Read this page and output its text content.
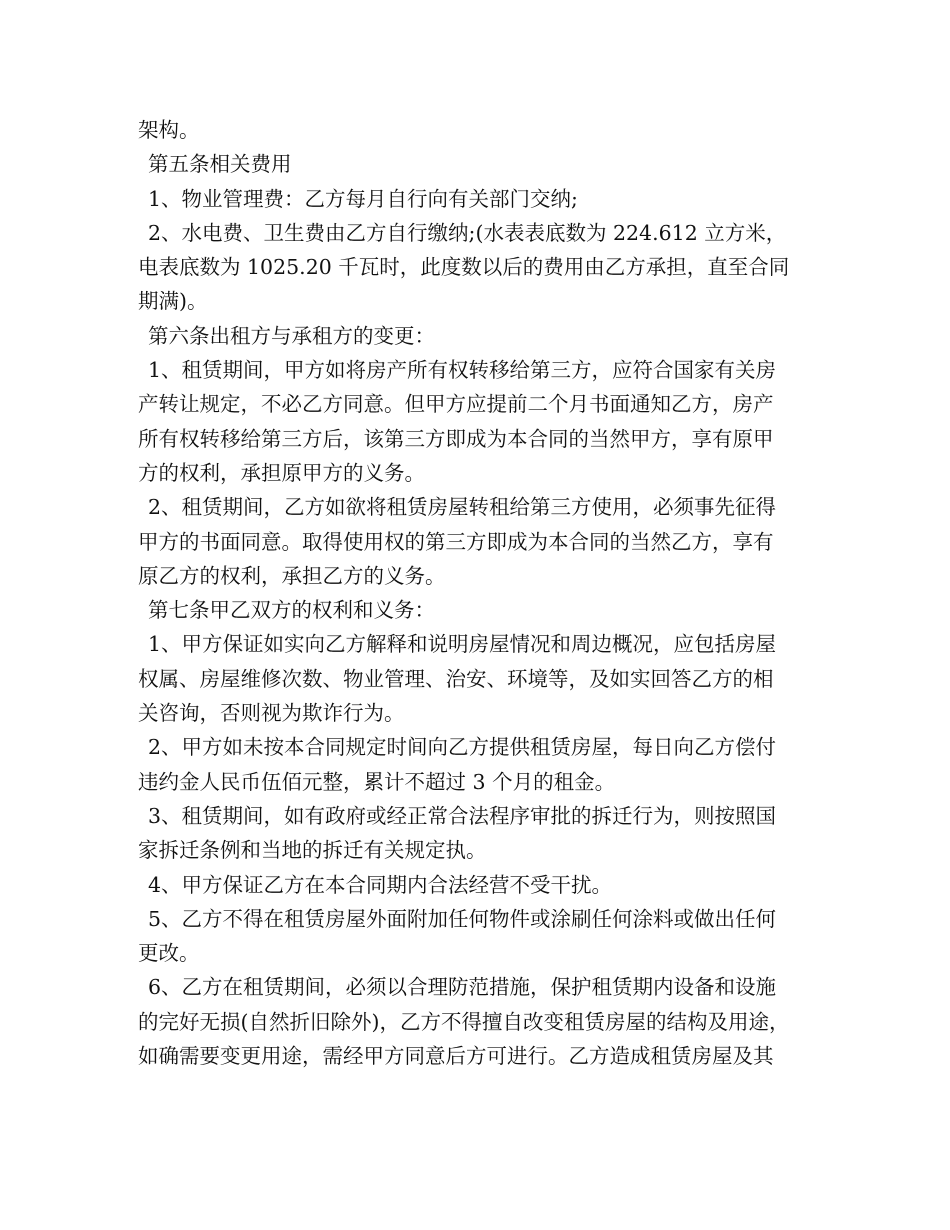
架构。
第五条相关费用
1、物业管理费：乙方每月自行向有关部门交纳;
2、水电费、卫生费由乙方自行缴纳;(水表表底数为 224.612 立方米，
电表底数为 1025.20 千瓦时，此度数以后的费用由乙方承担，直至合同
期满)。
第六条出租方与承租方的变更：
1、租赁期间，甲方如将房产所有权转移给第三方，应符合国家有关房
产转让规定，不必乙方同意。但甲方应提前二个月书面通知乙方，房产
所有权转移给第三方后，该第三方即成为本合同的当然甲方，享有原甲
方的权利，承担原甲方的义务。
2、租赁期间，乙方如欲将租赁房屋转租给第三方使用，必须事先征得
甲方的书面同意。取得使用权的第三方即成为本合同的当然乙方，享有
原乙方的权利，承担乙方的义务。
第七条甲乙双方的权利和义务：
1、甲方保证如实向乙方解释和说明房屋情况和周边概况，应包括房屋
权属、房屋维修次数、物业管理、治安、环境等，及如实回答乙方的相
关咨询，否则视为欺诈行为。
2、甲方如未按本合同规定时间向乙方提供租赁房屋，每日向乙方偿付
违约金人民币伍佰元整，累计不超过 3 个月的租金。
3、租赁期间，如有政府或经正常合法程序审批的拆迁行为，则按照国
家拆迁条例和当地的拆迁有关规定执。
4、甲方保证乙方在本合同期内合法经营不受干扰。
5、乙方不得在租赁房屋外面附加任何物件或涂刷任何涂料或做出任何
更改。
6、乙方在租赁期间，必须以合理防范措施，保护租赁期内设备和设施
的完好无损(自然折旧除外)，乙方不得擅自改变租赁房屋的结构及用途，
如确需要变更用途，需经甲方同意后方可进行。乙方造成租赁房屋及其
